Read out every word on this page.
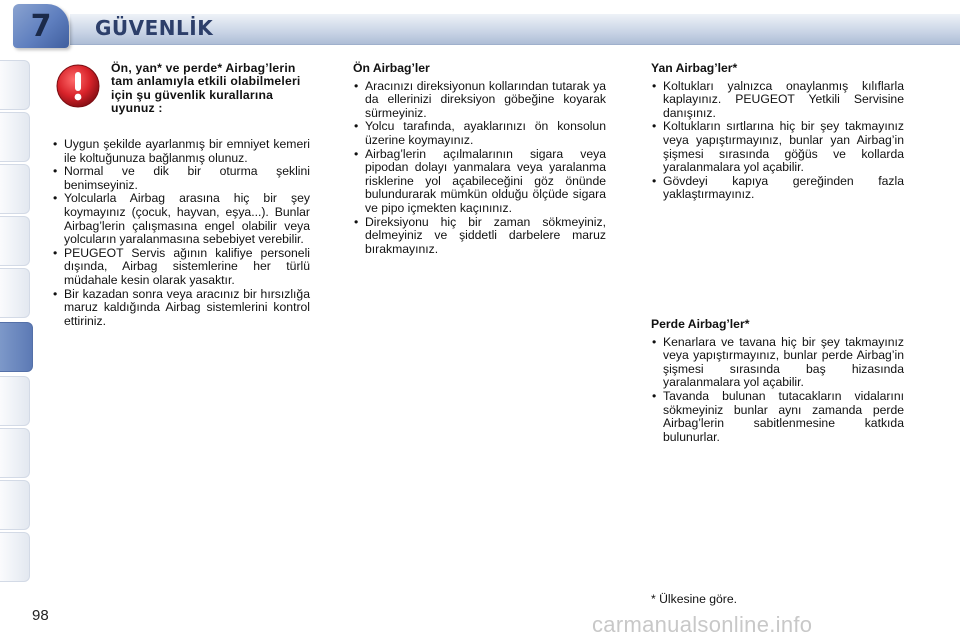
7	GÜVENLİK
Ön, yan* ve perde* Airbag’lerin tam anlamıyla etkili olabilmeleri için şu güvenlik kurallarına uyunuz :
• Uygun şekilde ayarlanmış bir emniyet kemeri ile koltuğunuza bağlanmış olunuz.
• Normal ve dik bir oturma şeklini benimseyiniz.
• Yolcularla Airbag arasına hiç bir şey koymayınız (çocuk, hayvan, eşya...). Bunlar Airbag’lerin çalışmasına engel olabilir veya yolcuların yaralanmasına sebebiyet verebilir.
• PEUGEOT Servis ağının kalifiye personeli dışında, Airbag sistemlerine her türlü müdahale kesin olarak yasaktır.
• Bir kazadan sonra veya aracınız bir hırsızlığa maruz kaldığında Airbag sistemlerini kontrol ettiriniz.
Ön Airbag’ler
• Aracınızı direksiyonun kollarından tutarak ya da ellerinizi direksiyon göbeğine koyarak sürmeyiniz.
• Yolcu tarafında, ayaklarınızı ön konsolun üzerine koymayınız.
• Airbag’lerin açılmalarının sigara veya pipodan dolayı yanmalara veya yaralanma risklerine yol açabileceğini göz önünde bulundurarak mümkün olduğu ölçüde sigara ve pipo içmekten kaçınınız.
• Direksiyonu hiç bir zaman sökmeyiniz, delmeyiniz ve şiddetli darbelere maruz bırakmayınız.
Yan Airbag’ler*
• Koltukları yalnızca onaylanmış kılıflarla kaplayınız. PEUGEOT Yetkili Servisine danışınız.
• Koltukların sırtlarına hiç bir şey takmayınız veya yapıştırmayınız, bunlar yan Airbag’in şişmesi sırasında göğüs ve kollarda yaralanmalara yol açabilir.
• Gövdeyi kapıya gereğinden fazla yaklaştırmayınız.
Perde Airbag’ler*
• Kenarlara ve tavana hiç bir şey takmayınız veya yapıştırmayınız, bunlar perde Airbag’in şişmesi sırasında baş hizasında yaralanmalara yol açabilir.
• Tavanda bulunan tutacakların vidalarını sökmeyiniz bunlar aynı zamanda perde Airbag’lerin sabitlenmesine katkıda bulunurlar.
* Ülkesine göre.
98	carmanualsonline.info
